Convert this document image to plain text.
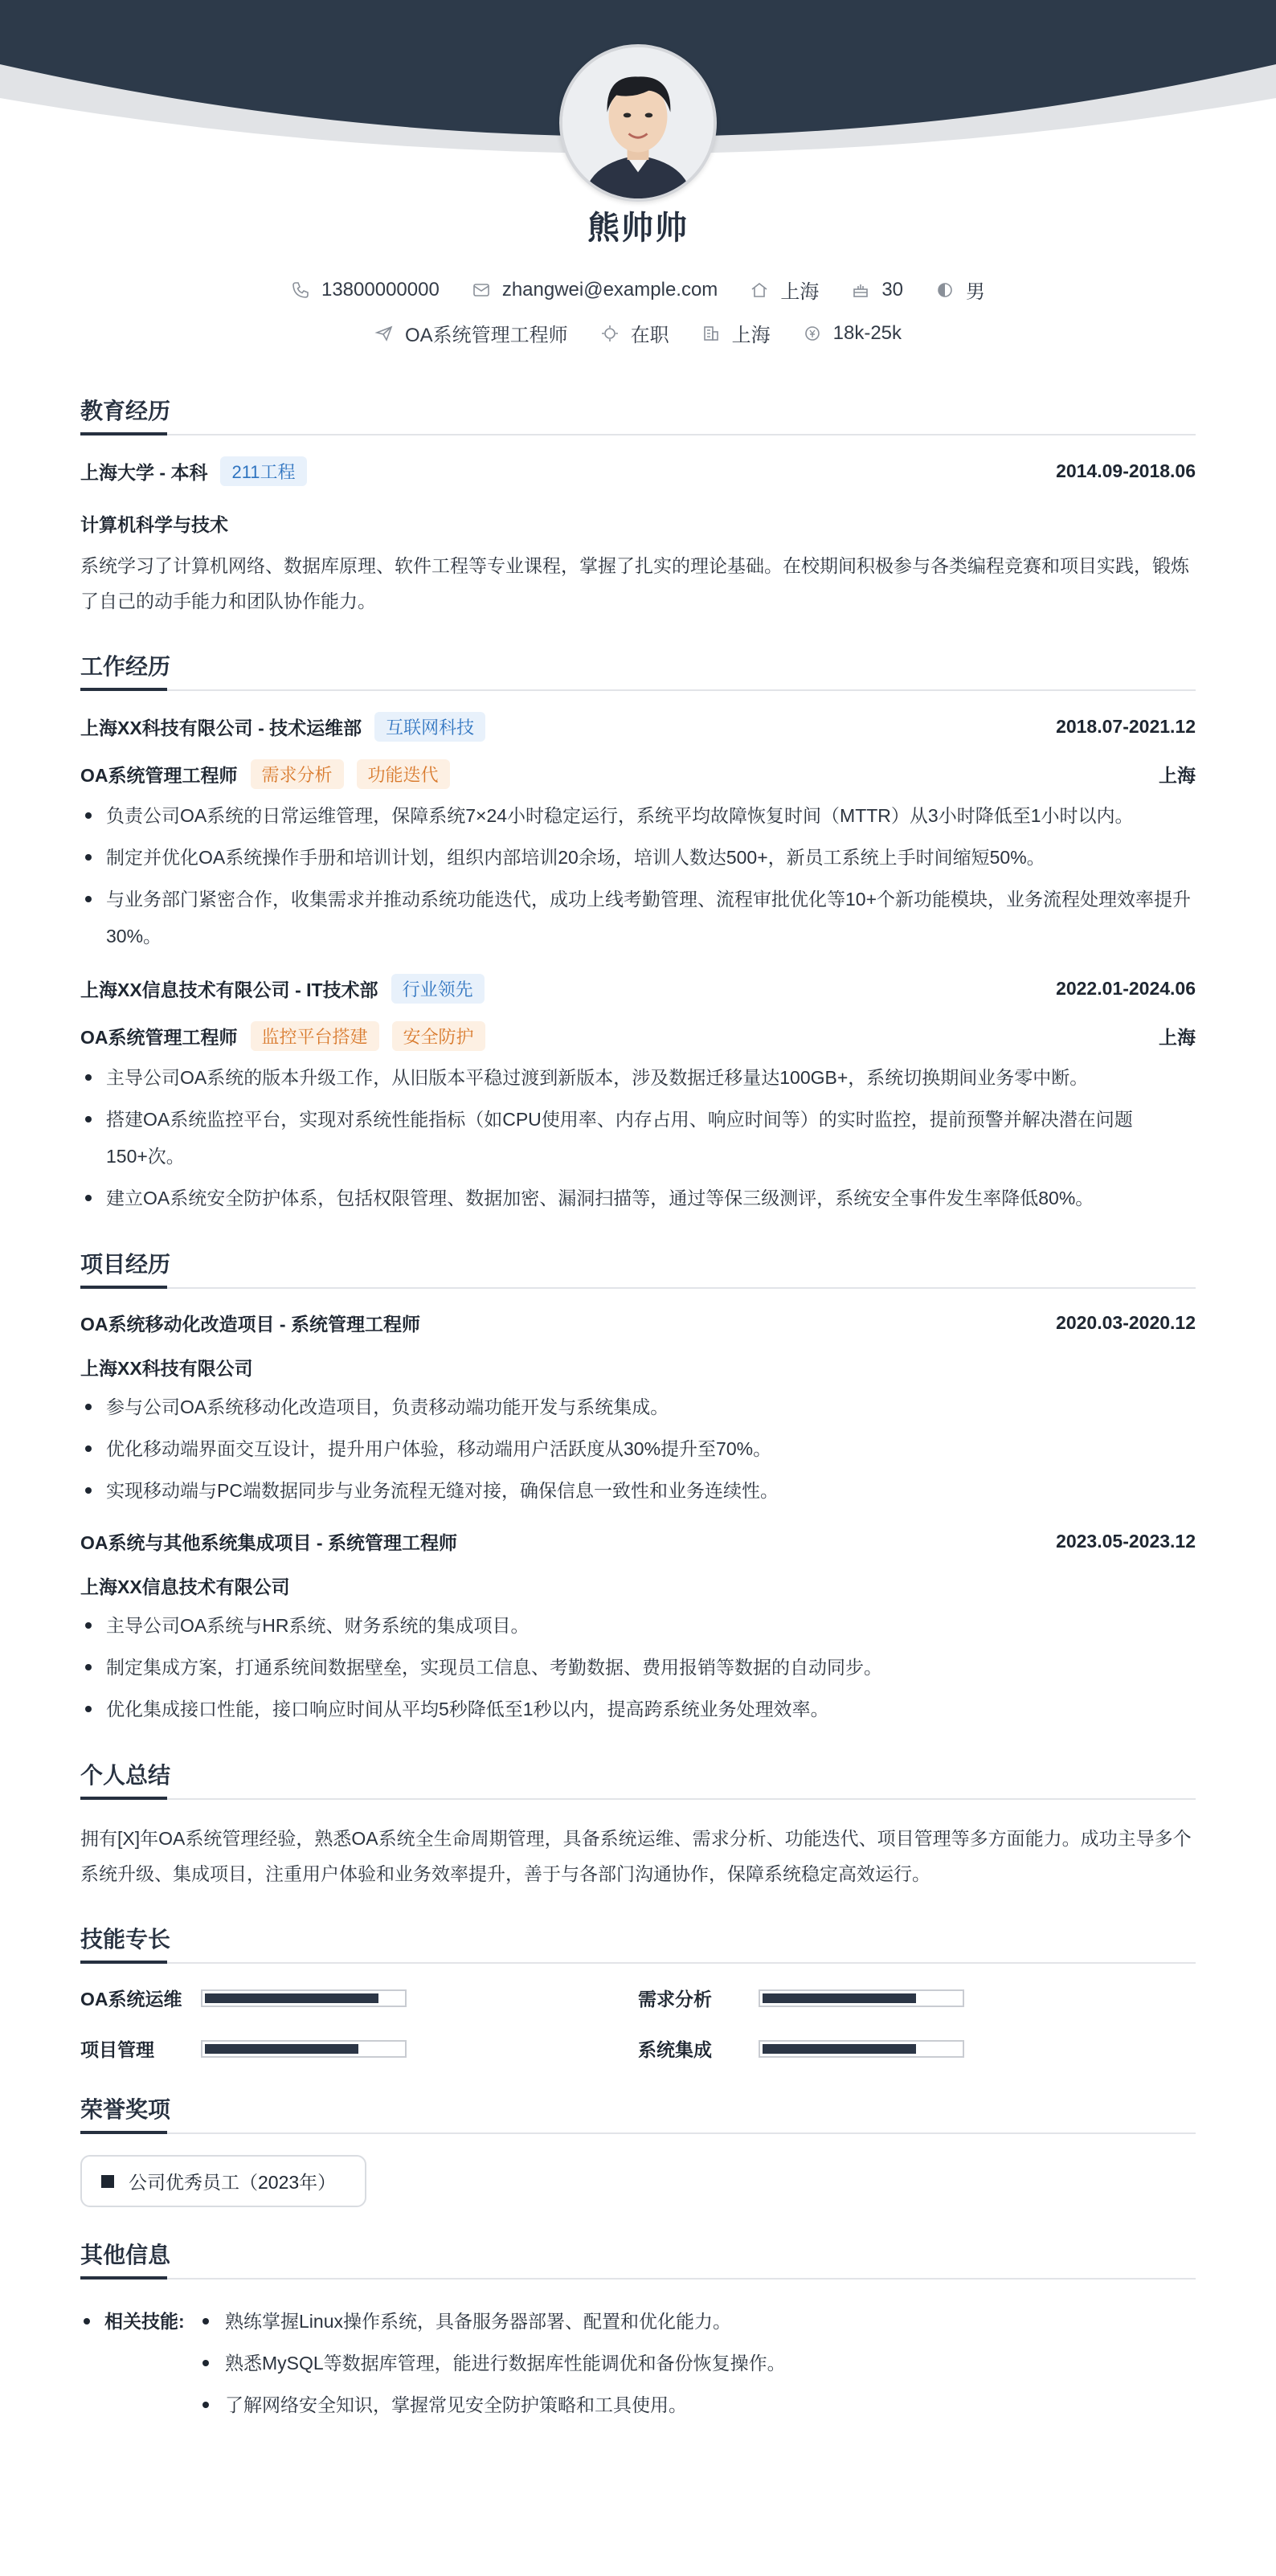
熊帅帅
13800000000	zhangwei@example.com	上海	30	男
OA系统管理工程师	在职	上海	18k-25k
教育经历
上海大学 - 本科	211工程	2014.09-2018.06
计算机科学与技术
系统学习了计算机网络、数据库原理、软件工程等专业课程，掌握了扎实的理论基础。在校期间积极参与各类编程竞赛和项目实践，锻炼了自己的动手能力和团队协作能力。
工作经历
上海XX科技有限公司 - 技术运维部	互联网科技	2018.07-2021.12
OA系统管理工程师	需求分析	功能迭代	上海
负责公司OA系统的日常运维管理，保障系统7×24小时稳定运行，系统平均故障恢复时间（MTTR）从3小时降低至1小时以内。
制定并优化OA系统操作手册和培训计划，组织内部培训20余场，培训人数达500+，新员工系统上手时间缩短50%。
与业务部门紧密合作，收集需求并推动系统功能迭代，成功上线考勤管理、流程审批优化等10+个新功能模块，业务流程处理效率提升30%。
上海XX信息技术有限公司 - IT技术部	行业领先	2022.01-2024.06
OA系统管理工程师	监控平台搭建	安全防护	上海
主导公司OA系统的版本升级工作，从旧版本平稳过渡到新版本，涉及数据迁移量达100GB+，系统切换期间业务零中断。
搭建OA系统监控平台，实现对系统性能指标（如CPU使用率、内存占用、响应时间等）的实时监控，提前预警并解决潜在问题150+次。
建立OA系统安全防护体系，包括权限管理、数据加密、漏洞扫描等，通过等保三级测评，系统安全事件发生率降低80%。
项目经历
OA系统移动化改造项目 - 系统管理工程师	2020.03-2020.12
上海XX科技有限公司
参与公司OA系统移动化改造项目，负责移动端功能开发与系统集成。
优化移动端界面交互设计，提升用户体验，移动端用户活跃度从30%提升至70%。
实现移动端与PC端数据同步与业务流程无缝对接，确保信息一致性和业务连续性。
OA系统与其他系统集成项目 - 系统管理工程师	2023.05-2023.12
上海XX信息技术有限公司
主导公司OA系统与HR系统、财务系统的集成项目。
制定集成方案，打通系统间数据壁垒，实现员工信息、考勤数据、费用报销等数据的自动同步。
优化集成接口性能，接口响应时间从平均5秒降低至1秒以内，提高跨系统业务处理效率。
个人总结
拥有[X]年OA系统管理经验，熟悉OA系统全生命周期管理，具备系统运维、需求分析、功能迭代、项目管理等多方面能力。成功主导多个系统升级、集成项目，注重用户体验和业务效率提升，善于与各部门沟通协作，保障系统稳定高效运行。
技能专长
OA系统运维	需求分析
项目管理	系统集成
荣誉奖项
公司优秀员工（2023年）
其他信息
相关技能:	熟练掌握Linux操作系统，具备服务器部署、配置和优化能力。
熟悉MySQL等数据库管理，能进行数据库性能调优和备份恢复操作。
了解网络安全知识，掌握常见安全防护策略和工具使用。
